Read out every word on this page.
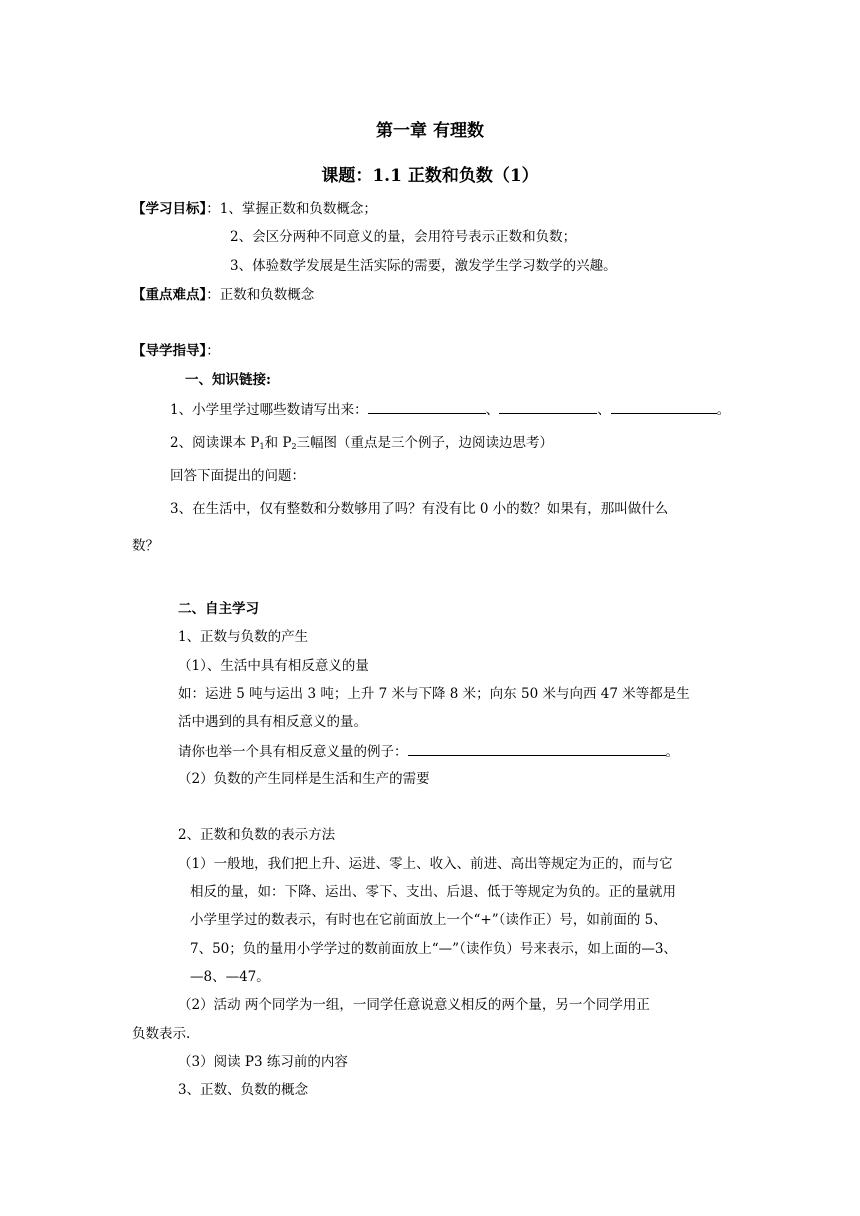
第一章 有理数
课题：1.1 正数和负数（1）
【学习目标】：1、掌握正数和负数概念；
2、会区分两种不同意义的量，会用符号表示正数和负数；
3、体验数学发展是生活实际的需要，激发学生学习数学的兴趣。
【重点难点】：正数和负数概念
【导学指导】：
一、知识链接:
1、小学里学过哪些数请写出来：	、	、	。
2、阅读课本 $P_1$和 $P_2$三幅图（重点是三个例子，边阅读边思考）
回答下面提出的问题：
3、在生活中，仅有整数和分数够用了吗？有没有比 0 小的数？如果有，那叫做什么
数？
二、自主学习
1、正数与负数的产生
（1）、生活中具有相反意义的量
如：运进 5 吨与运出 3 吨；上升 7 米与下降 8 米；向东 50 米与向西 47 米等都是生
活中遇到的具有相反意义的量。
请你也举一个具有相反意义量的例子：	。
（2）负数的产生同样是生活和生产的需要
2、正数和负数的表示方法
（1）一般地，我们把上升、运进、零上、收入、前进、高出等规定为正的，而与它
相反的量，如：下降、运出、零下、支出、后退、低于等规定为负的。正的量就用
小学里学过的数表示，有时也在它前面放上一个“+”（读作正）号，如前面的 5、
7、50；负的量用小学学过的数前面放上“—”（读作负）号来表示，如上面的—3、
—8、—47。
（2）活动 两个同学为一组，一同学任意说意义相反的两个量，另一个同学用正
负数表示.
（3）阅读 P3 练习前的内容
3、正数、负数的概念
